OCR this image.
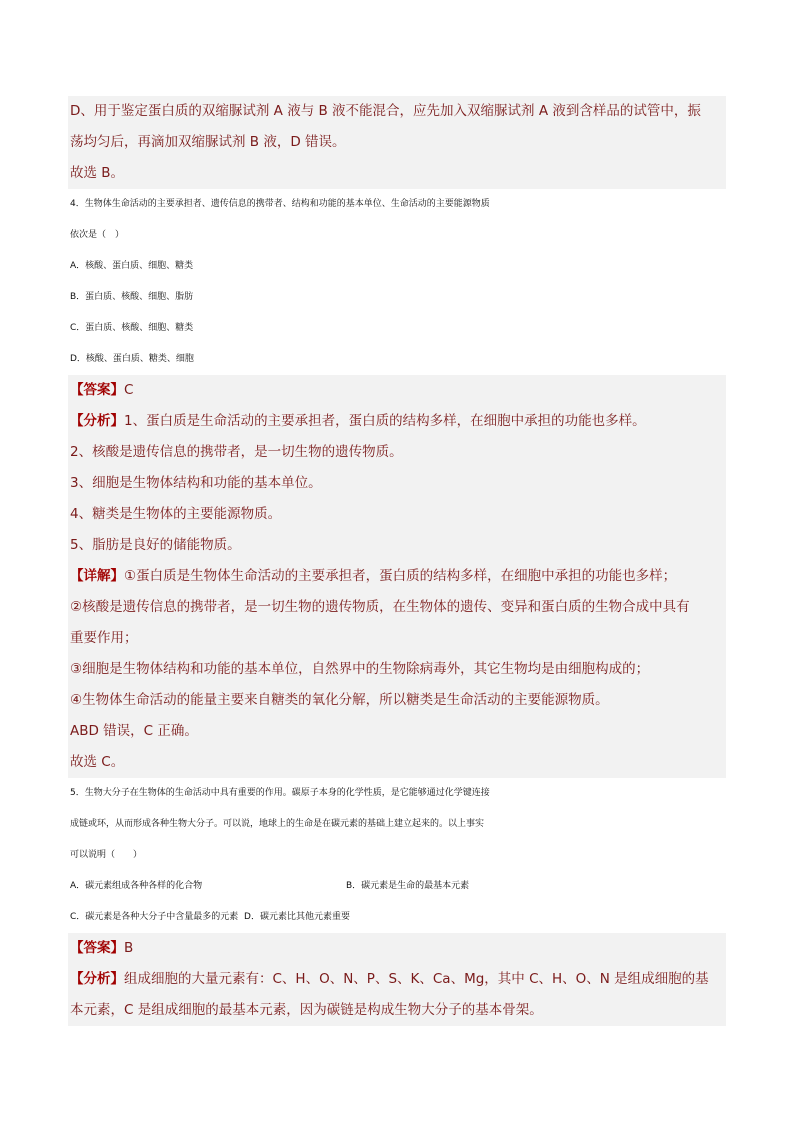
D、用于鉴定蛋白质的双缩脲试剂 A 液与 B 液不能混合，应先加入双缩脲试剂 A 液到含样品的试管中，振
荡均匀后，再滴加双缩脲试剂 B 液，D 错误。
故选 B。
4．生物体生命活动的主要承担者、遗传信息的携带者、结构和功能的基本单位、生命活动的主要能源物质
依次是（　）
A．核酸、蛋白质、细胞、糖类
B．蛋白质、核酸、细胞、脂肪
C．蛋白质、核酸、细胞、糖类
D．核酸、蛋白质、糖类、细胞
【答案】C
【分析】1、蛋白质是生命活动的主要承担者，蛋白质的结构多样，在细胞中承担的功能也多样。
2、核酸是遗传信息的携带者，是一切生物的遗传物质。
3、细胞是生物体结构和功能的基本单位。
4、糖类是生物体的主要能源物质。
5、脂肪是良好的储能物质。
【详解】①蛋白质是生物体生命活动的主要承担者，蛋白质的结构多样，在细胞中承担的功能也多样；
②核酸是遗传信息的携带者，是一切生物的遗传物质，在生物体的遗传、变异和蛋白质的生物合成中具有
重要作用；
③细胞是生物体结构和功能的基本单位，自然界中的生物除病毒外，其它生物均是由细胞构成的；
④生物体生命活动的能量主要来自糖类的氧化分解，所以糖类是生命活动的主要能源物质。
ABD 错误，C 正确。
故选 C。
5．生物大分子在生物体的生命活动中具有重要的作用。碳原子本身的化学性质，是它能够通过化学键连接
成链或环，从而形成各种生物大分子。可以说，地球上的生命是在碳元素的基础上建立起来的。以上事实
可以说明（　　）
A．碳元素组成各种各样的化合物	B．碳元素是生命的最基本元素
C．碳元素是各种大分子中含量最多的元素 D．碳元素比其他元素重要
【答案】B
【分析】组成细胞的大量元素有：C、H、O、N、P、S、K、Ca、Mg，其中 C、H、O、N 是组成细胞的基
本元素，C 是组成细胞的最基本元素，因为碳链是构成生物大分子的基本骨架。
